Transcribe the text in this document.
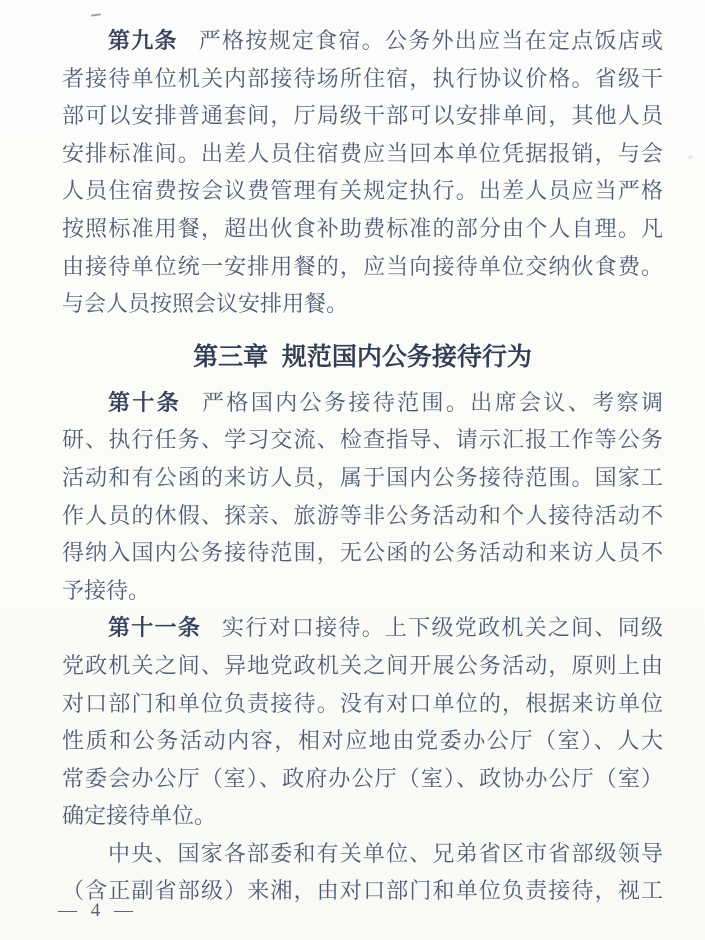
第九条 严格按规定食宿。公务外出应当在定点饭店或
者接待单位机关内部接待场所住宿，执行协议价格。省级干
部可以安排普通套间，厅局级干部可以安排单间，其他人员
安排标准间。出差人员住宿费应当回本单位凭据报销，与会
人员住宿费按会议费管理有关规定执行。出差人员应当严格
按照标准用餐，超出伙食补助费标准的部分由个人自理。凡
由接待单位统一安排用餐的，应当向接待单位交纳伙食费。
与会人员按照会议安排用餐。
第三章 规范国内公务接待行为
第十条 严格国内公务接待范围。出席会议、考察调
研、执行任务、学习交流、检查指导、请示汇报工作等公务
活动和有公函的来访人员，属于国内公务接待范围。国家工
作人员的休假、探亲、旅游等非公务活动和个人接待活动不
得纳入国内公务接待范围，无公函的公务活动和来访人员不
予接待。
第十一条 实行对口接待。上下级党政机关之间、同级
党政机关之间、异地党政机关之间开展公务活动，原则上由
对口部门和单位负责接待。没有对口单位的，根据来访单位
性质和公务活动内容，相对应地由党委办公厅（室）、人大
常委会办公厅（室）、政府办公厅（室）、政协办公厅（室）
确定接待单位。
中央、国家各部委和有关单位、兄弟省区市省部级领导
（含正副省部级）来湘，由对口部门和单位负责接待，视工
— 4 —
